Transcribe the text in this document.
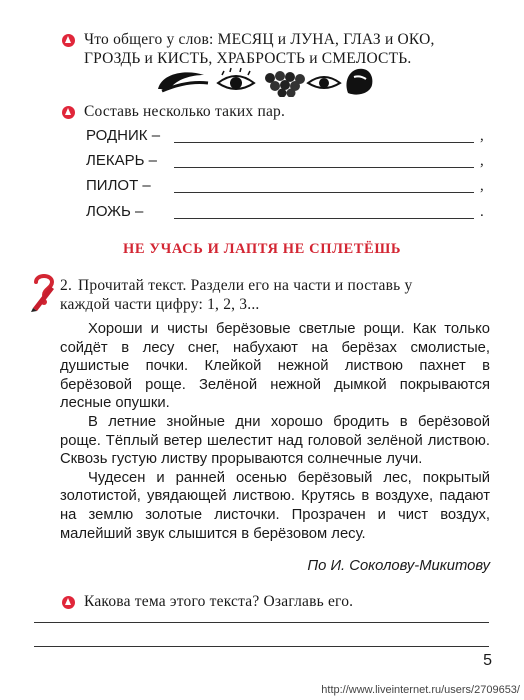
Что общего у слов: МЕСЯЦ и ЛУНА, ГЛАЗ и ОКО,
ГРОЗДЬ и КИСТЬ, ХРАБРОСТЬ и СМЕЛОСТЬ.
Составь несколько таких пар.
РОДНИК –	,
ЛЕКАРЬ –	,
ПИЛОТ –	,
ЛОЖЬ –	.
НЕ УЧАСЬ И ЛАПТЯ НЕ СПЛЕТЁШЬ
2. Прочитай текст. Раздели его на части и поставь у
каждой части цифру: 1, 2, 3...

Хороши и чисты берёзовые светлые рощи. Как только сойдёт в лесу снег, набухают на берёзах смолистые, душистые почки. Клейкой нежной листвою пахнет в берёзовой роще. Зелёной нежной дымкой покрываются лесные опушки.

В летние знойные дни хорошо бродить в берёзовой роще. Тёплый ветер шелестит над головой зелёной листвою. Сквозь густую листву прорываются солнечные лучи.

Чудесен и ранней осенью берёзовый лес, покрытый золотистой, увядающей листвою. Крутясь в воздухе, падают на землю золотые листочки. Прозрачен и чист воздух, малейший звук слышится в берёзовом лесу.

По И. Соколову-Микитову
Какова тема этого текста? Озаглавь его.
5
http://www.liveinternet.ru/users/2709653/
